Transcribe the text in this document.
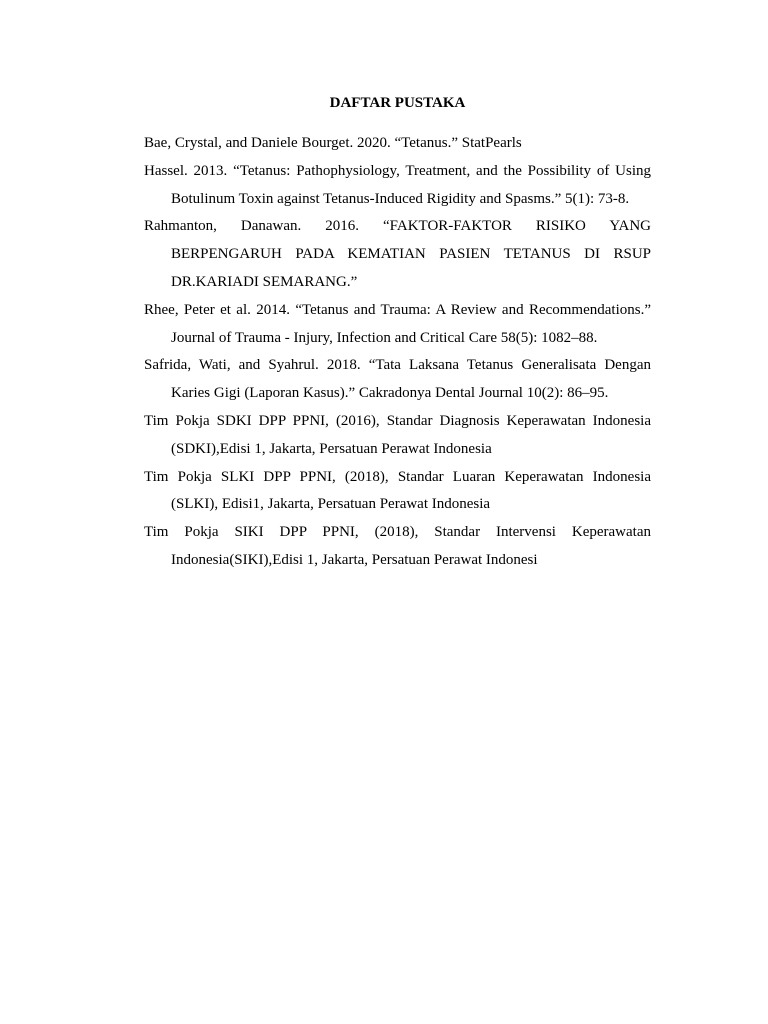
DAFTAR PUSTAKA
Bae, Crystal, and Daniele Bourget. 2020. “Tetanus.” StatPearls
Hassel. 2013. “Tetanus: Pathophysiology, Treatment, and the Possibility of Using Botulinum Toxin against Tetanus-Induced Rigidity and Spasms.” 5(1): 73-8.
Rahmanton, Danawan. 2016. “FAKTOR-FAKTOR RISIKO YANG BERPENGARUH PADA KEMATIAN PASIEN TETANUS DI RSUP DR.KARIADI SEMARANG.”
Rhee, Peter et al. 2014. “Tetanus and Trauma: A Review and Recommendations.” Journal of Trauma - Injury, Infection and Critical Care 58(5): 1082–88.
Safrida, Wati, and Syahrul. 2018. “Tata Laksana Tetanus Generalisata Dengan Karies Gigi (Laporan Kasus).” Cakradonya Dental Journal 10(2): 86–95.
Tim Pokja SDKI DPP PPNI, (2016), Standar Diagnosis Keperawatan Indonesia (SDKI),Edisi 1, Jakarta, Persatuan Perawat Indonesia
Tim Pokja SLKI DPP PPNI, (2018), Standar Luaran Keperawatan Indonesia (SLKI), Edisi1, Jakarta, Persatuan Perawat Indonesia
Tim Pokja SIKI DPP PPNI, (2018), Standar Intervensi Keperawatan Indonesia(SIKI),Edisi 1, Jakarta, Persatuan Perawat Indonesi
